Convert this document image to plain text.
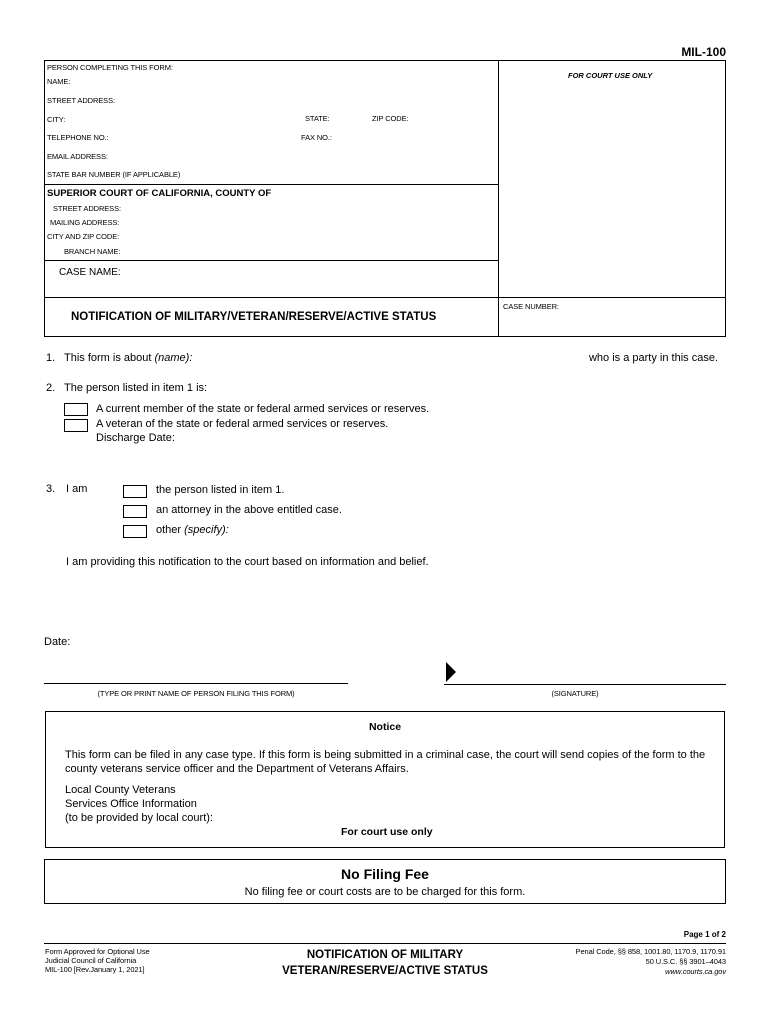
MIL-100
PERSON COMPLETING THIS FORM:
NAME:
STREET ADDRESS:
CITY:	STATE:	ZIP CODE:
TELEPHONE NO.:	FAX NO.:
EMAIL ADDRESS:
STATE BAR NUMBER (IF APPLICABLE)
FOR COURT USE ONLY
SUPERIOR COURT OF CALIFORNIA, COUNTY OF
STREET ADDRESS:
MAILING ADDRESS:
CITY AND ZIP CODE:
BRANCH NAME:
CASE NAME:
NOTIFICATION OF MILITARY/VETERAN/RESERVE/ACTIVE STATUS
CASE NUMBER:
1. This form is about (name):	who is a party in this case.
2. The person listed in item 1 is:
A current member of the state or federal armed services or reserves.
A veteran of the state or federal armed services or reserves.
Discharge Date:
3. I am	the person listed in item 1.
an attorney in the above entitled case.
other (specify):
I am providing this notification to the court based on information and belief.
Date:
(TYPE OR PRINT NAME OF PERSON FILING THIS FORM)	(SIGNATURE)
Notice
This form can be filed in any case type. If this form is being submitted in a criminal case, the court will send copies of the form to the county veterans service officer and the Department of Veterans Affairs.
Local County Veterans
Services Office Information
(to be provided by local court):
For court use only
No Filing Fee
No filing fee or court costs are to be charged for this form.
Page 1 of 2
Form Approved for Optional Use
Judicial Council of California
MIL-100 [Rev.January 1, 2021]
NOTIFICATION OF MILITARY
VETERAN/RESERVE/ACTIVE STATUS
Penal Code, §§ 858, 1001.80, 1170.9, 1170.91
50 U.S.C. §§ 3901–4043
www.courts.ca.gov
